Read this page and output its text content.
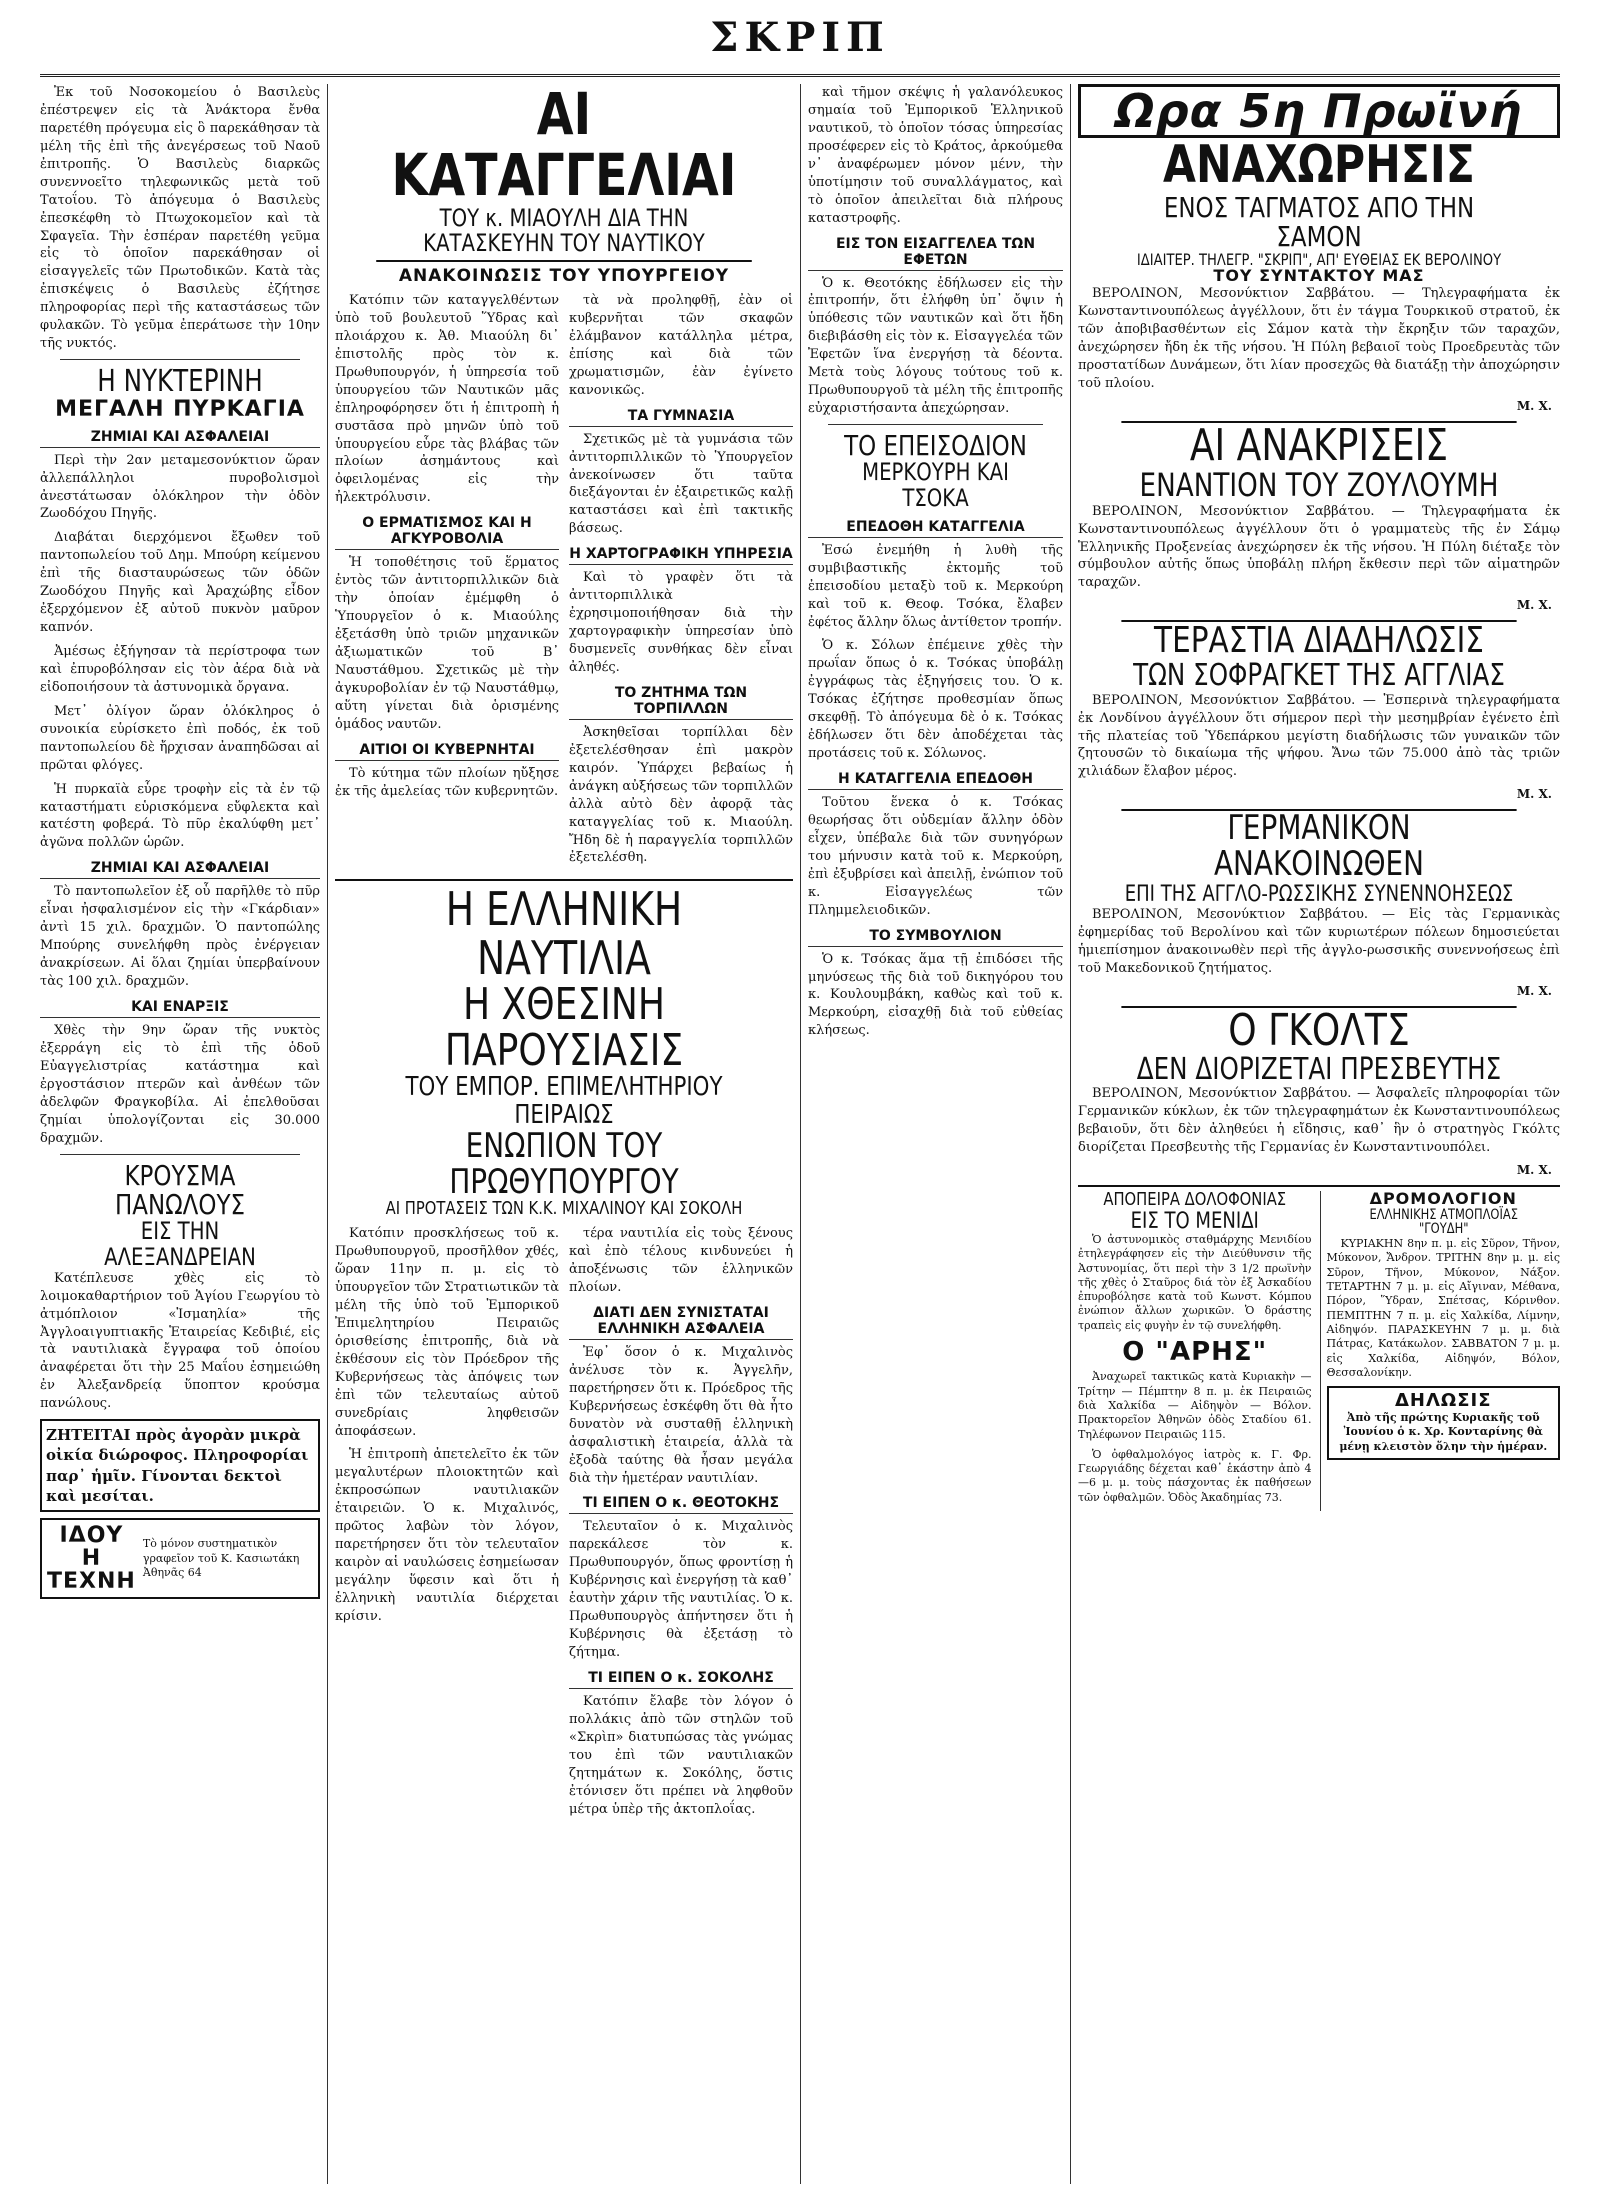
ΣΚΡΙΠ

Ἐκ τοῦ Νοσοκομείου ὁ Βασιλεὺς ἐπέστρεψεν εἰς τὰ Ἀνάκτορα ἔνθα παρετέθη πρόγευμα εἰς ὃ παρεκάθησαν τὰ μέλη τῆς ἐπὶ τῆς ἀνεγέρσεως τοῦ Ναοῦ ἐπιτροπῆς. Ὁ Βασιλεὺς διαρκῶς συνεννοεῖτο τηλεφωνικῶς μετὰ τοῦ Τατοΐου. Τὸ ἀπόγευμα ὁ Βασιλεὺς ἐπεσκέφθη τὸ Πτωχοκομεῖον καὶ τὰ Σφαγεῖα. Τὴν ἑσπέραν παρετέθη γεῦμα εἰς τὸ ὁποῖον παρεκάθησαν οἱ εἰσαγγελεῖς τῶν Πρωτοδικῶν. Κατὰ τὰς ἐπισκέψεις ὁ Βασιλεὺς ἐζήτησε πληροφορίας περὶ τῆς καταστάσεως τῶν φυλακῶν. Τὸ γεῦμα ἐπεράτωσε τὴν 10ην τῆς νυκτός.

Η ΝΥΚΤΕΡΙΝΗ
ΜΕΓΑΛΗ ΠΥΡΚΑΓΙΑ
ΖΗΜΙΑΙ ΚΑΙ ΑΣΦΑΛΕΙΑΙ

Περὶ τὴν 2αν μεταμεσονύκτιον ὥραν ἀλλεπάλληλοι πυροβολισμοὶ ἀνεστάτωσαν ὁλόκληρον τὴν ὁδὸν Ζωοδόχου Πηγῆς.

Διαβάται διερχόμενοι ἔξωθεν τοῦ παντοπωλείου τοῦ Δημ. Μπούρη κείμενου ἐπὶ τῆς διασταυρώσεως τῶν ὁδῶν Ζωοδόχου Πηγῆς καὶ Ἀραχώβης εἶδον ἐξερχόμενον ἐξ αὐτοῦ πυκνὸν μαῦρον καπνόν.

Ἀμέσως ἐξήγησαν τὰ περίστροφα των καὶ ἐπυροβόλησαν εἰς τὸν ἀέρα διὰ νὰ εἰδοποιήσουν τὰ ἀστυνομικὰ ὄργανα.

Μετ᾽ ὀλίγον ὥραν ὁλόκληρος ὁ συνοικία εὑρίσκετο ἐπὶ ποδός, ἐκ τοῦ παντοπωλείου δὲ ἤρχισαν ἀναπηδῶσαι αἱ πρῶται φλόγες.

Ἡ πυρκαϊὰ εὗρε τροφὴν εἰς τὰ ἐν τῷ καταστήματι εὑρισκόμενα εὔφλεκτα καὶ κατέστη φοβερά. Τὸ πῦρ ἐκαλύφθη μετ᾽ ἀγῶνα πολλῶν ὡρῶν.

ΖΗΜΙΑΙ ΚΑΙ ΑΣΦΑΛΕΙΑΙ

Τὸ παντοπωλεῖον ἐξ οὗ παρῆλθε τὸ πῦρ εἶναι ἠσφαλισμένον εἰς τὴν «Γκάρδιαν» ἀντὶ 15 χιλ. δραχμῶν. Ὁ παντοπώλης Μπούρης συνελήφθη πρὸς ἐνέργειαν ἀνακρίσεων. Αἱ ὅλαι ζημίαι ὑπερβαίνουν τὰς 100 χιλ. δραχμῶν.

ΚΑΙ ΕΝΑΡΞΙΣ

Χθὲς τὴν 9ην ὥραν τῆς νυκτὸς ἐξερράγη εἰς τὸ ἐπὶ τῆς ὁδοῦ Εὐαγγελιστρίας κατάστημα καὶ ἐργοστάσιον πτερῶν καὶ ἀνθέων τῶν ἀδελφῶν Φραγκοβίλα. Αἱ ἐπελθοῦσαι ζημίαι ὑπολογίζονται εἰς 30.000 δραχμῶν.

ΚΡΟΥΣΜΑ ΠΑΝΩΛΟΥΣ
ΕΙΣ ΤΗΝ ΑΛΕΞΑΝΔΡΕΙΑΝ

Κατέπλευσε χθὲς εἰς τὸ λοιμοκαθαρτήριον τοῦ Ἁγίου Γεωργίου τὸ ἀτμόπλοιον «Ἰσμαηλία» τῆς Ἀγγλοαιγυπτιακῆς Ἑταιρείας Κεδιβιέ, εἰς τὰ ναυτιλιακὰ ἔγγραφα τοῦ ὁποίου ἀναφέρεται ὅτι τὴν 25 Μαΐου ἐσημειώθη ἐν Ἀλεξανδρείᾳ ὕποπτον κρούσμα πανώλους.

ΖΗΤΕΙΤΑΙ πρὸς ἀγορὰν μικρὰ οἰκία διώροφος. Πληροφορίαι παρ᾽ ἡμῖν. Γίνονται δεκτοὶ καὶ μεσίται.
ΙΔΟΥ Η ΤΕΧΝΗ
Τὸ μόνον συστηματικὸν γραφεῖον τοῦ Κ. Κασιωτάκη Ἀθηνᾶς 64
ΑΙ ΚΑΤΑΓΓΕΛΙΑΙ
ΤΟΥ κ. ΜΙΑΟΥΛΗ ΔΙΑ ΤΗΝ ΚΑΤΑΣΚΕΥΗΝ ΤΟΥ ΝΑΥΤΙΚΟΥ
ΑΝΑΚΟΙΝΩΣΙΣ ΤΟΥ ΥΠΟΥΡΓΕΙΟΥ

Κατόπιν τῶν καταγγελθέντων ὑπὸ τοῦ βουλευτοῦ Ὕδρας καὶ πλοιάρχου κ. Ἀθ. Μιαούλη δι᾽ ἐπιστολῆς πρὸς τὸν κ. Πρωθυπουργόν, ἡ ὑπηρεσία τοῦ ὑπουργείου τῶν Ναυτικῶν μᾶς ἐπληροφόρησεν ὅτι ἡ ἐπιτροπὴ ἡ συστᾶσα πρὸ μηνῶν ὑπὸ τοῦ ὑπουργείου εὗρε τὰς βλάβας τῶν πλοίων ἀσημάντους καὶ ὀφειλομένας εἰς τὴν ἠλεκτρόλυσιν.

Ο ΕΡΜΑΤΙΣΜΟΣ ΚΑΙ Η ΑΓΚΥΡΟΒΟΛΙΑ

Ἡ τοποθέτησις τοῦ ἕρματος ἐντὸς τῶν ἀντιτορπιλλικῶν διὰ τὴν ὁποίαν ἐμέμφθη ὁ Ὑπουργεῖον ὁ κ. Μιαούλης ἐξετάσθη ὑπὸ τριῶν μηχανικῶν ἀξιωματικῶν τοῦ Β᾽ Ναυστάθμου. Σχετικῶς μὲ τὴν ἀγκυροβολίαν ἐν τῷ Ναυστάθμῳ, αὕτη γίνεται διὰ ὁρισμένης ὁμάδος ναυτῶν.

ΑΙΤΙΟΙ ΟΙ ΚΥΒΕΡΝΗΤΑΙ

Τὸ κύτημα τῶν πλοίων ηὔξησε ἐκ τῆς ἀμελείας τῶν κυβερνητῶν.

τὰ νὰ προληφθῇ, ἐὰν οἱ κυβερνῆται τῶν σκαφῶν ἐλάμβανον κατάλληλα μέτρα, ἐπίσης καὶ διὰ τῶν χρωματισμῶν, ἐὰν ἐγίνετο κανονικῶς.

ΤΑ ΓΥΜΝΑΣΙΑ

Σχετικῶς μὲ τὰ γυμνάσια τῶν ἀντιτορπιλλικῶν τὸ Ὑπουργεῖον ἀνεκοίνωσεν ὅτι ταῦτα διεξάγονται ἐν ἐξαιρετικῶς καλῇ καταστάσει καὶ ἐπὶ τακτικῆς βάσεως.

Η ΧΑΡΤΟΓΡΑΦΙΚΗ ΥΠΗΡΕΣΙΑ

Καὶ τὸ γραφὲν ὅτι τὰ ἀντιτορπιλλικὰ ἐχρησιμοποιήθησαν διὰ τὴν χαρτογραφικὴν ὑπηρεσίαν ὑπὸ δυσμενεῖς συνθήκας δὲν εἶναι ἀληθές.

ΤΟ ΖΗΤΗΜΑ ΤΩΝ ΤΟΡΠΙΛΛΩΝ

Ἀσκηθεῖσαι τορπίλλαι δὲν ἐξετελέσθησαν ἐπὶ μακρὸν καιρόν. Ὑπάρχει βεβαίως ἡ ἀνάγκη αὐξήσεως τῶν τορπιλλῶν ἀλλὰ αὐτὸ δὲν ἀφορᾷ τὰς καταγγελίας τοῦ κ. Μιαούλη. Ἤδη δὲ ἡ παραγγελία τορπιλλῶν ἐξετελέσθη.

Η ΕΛΛΗΝΙΚΗ ΝΑΥΤΙΛΙΑ
Η ΧΘΕΣΙΝΗ ΠΑΡΟΥΣΙΑΣΙΣ
ΤΟΥ ΕΜΠΟΡ. ΕΠΙΜΕΛΗΤΗΡΙΟΥ ΠΕΙΡΑΙΩΣ
ΕΝΩΠΙΟΝ ΤΟΥ ΠΡΩΘΥΠΟΥΡΓΟΥ
ΑΙ ΠΡΟΤΑΣΕΙΣ ΤΩΝ Κ.Κ. ΜΙΧΑΛΙΝΟΥ ΚΑΙ ΣΟΚΟΛΗ

Κατόπιν προσκλήσεως τοῦ κ. Πρωθυπουργοῦ, προσῆλθον χθές, ὥραν 11ην π. μ. εἰς τὸ ὑπουργεῖον τῶν Στρατιωτικῶν τὰ μέλη τῆς ὑπὸ τοῦ Ἐμπορικοῦ Ἐπιμελητηρίου Πειραιῶς ὁρισθείσης ἐπιτροπῆς, διὰ νὰ ἐκθέσουν εἰς τὸν Πρόεδρον τῆς Κυβερνήσεως τὰς ἀπόψεις των ἐπὶ τῶν τελευταίως αὐτοῦ συνεδρίαις ληφθεισῶν ἀποφάσεων.

Ἡ ἐπιτροπὴ ἀπετελεῖτο ἐκ τῶν μεγαλυτέρων πλοιοκτητῶν καὶ ἐκπροσώπων ναυτιλιακῶν ἑταιρειῶν. Ὁ κ. Μιχαλινός, πρῶτος λαβὼν τὸν λόγον, παρετήρησεν ὅτι τὸν τελευταῖον καιρὸν αἱ ναυλώσεις ἐσημείωσαν μεγάλην ὕφεσιν καὶ ὅτι ἡ ἑλληνικὴ ναυτιλία διέρχεται κρίσιν.

τέρα ναυτιλία εἰς τοὺς ξένους καὶ ἐπὸ τέλους κινδυνεύει ἡ ἀποξένωσις τῶν ἑλληνικῶν πλοίων.

ΔΙΑΤΙ ΔΕΝ ΣΥΝΙΣΤΑΤΑΙ ΕΛΛΗΝΙΚΗ ΑΣΦΑΛΕΙΑ

Ἐφ᾽ ὅσον ὁ κ. Μιχαλινὸς ἀνέλυσε τὸν κ. Ἀγγελῆν, παρετήρησεν ὅτι κ. Πρόεδρος τῆς Κυβερνήσεως ἐσκέφθη ὅτι θὰ ἦτο δυνατὸν νὰ συσταθῇ ἑλληνικὴ ἀσφαλιστικὴ ἑταιρεία, ἀλλὰ τὰ ἐξοδὰ ταύτης θὰ ἦσαν μεγάλα διὰ τὴν ἡμετέραν ναυτιλίαν.

ΤΙ ΕΙΠΕΝ Ο κ. ΘΕΟΤΟΚΗΣ

Τελευταῖον ὁ κ. Μιχαλινὸς παρεκάλεσε τὸν κ. Πρωθυπουργόν, ὅπως φροντίσῃ ἡ Κυβέρνησις καὶ ἐνεργήσῃ τὰ καθ᾽ ἑαυτὴν χάριν τῆς ναυτιλίας. Ὁ κ. Πρωθυπουργὸς ἀπήντησεν ὅτι ἡ Κυβέρνησις θὰ ἐξετάσῃ τὸ ζήτημα.

ΤΙ ΕΙΠΕΝ Ο κ. ΣΟΚΟΛΗΣ

Κατόπιν ἔλαβε τὸν λόγον ὁ πολλάκις ἀπὸ τῶν στηλῶν τοῦ «Σκρὶπ» διατυπώσας τὰς γνώμας του ἐπὶ τῶν ναυτιλιακῶν ζητημάτων κ. Σοκόλης, ὅστις ἐτόνισεν ὅτι πρέπει νὰ ληφθοῦν μέτρα ὑπὲρ τῆς ἀκτοπλοΐας.

καὶ τῆμον σκέψις ἡ γαλανόλευκος σημαία τοῦ Ἐμπορικοῦ Ἑλληνικοῦ ναυτικοῦ, τὸ ὁποῖον τόσας ὑπηρεσίας προσέφερεν εἰς τὸ Κράτος, ἀρκούμεθα ν᾽ ἀναφέρωμεν μόνον μένν, τὴν ὑποτίμησιν τοῦ συναλλάγματος, καὶ τὸ ὁποῖον ἀπειλεῖται διὰ πλήρους καταστροφῆς.

ΕΙΣ ΤΟΝ ΕΙΣΑΓΓΕΛΕΑ ΤΩΝ ΕΦΕΤΩΝ

Ὁ κ. Θεοτόκης ἐδήλωσεν εἰς τὴν ἐπιτροπήν, ὅτι ἐλήφθη ὑπ᾽ ὄψιν ἡ ὑπόθεσις τῶν ναυτικῶν καὶ ὅτι ἤδη διεβιβάσθη εἰς τὸν κ. Εἰσαγγελέα τῶν Ἐφετῶν ἵνα ἐνεργήσῃ τὰ δέοντα. Μετὰ τοὺς λόγους τούτους τοῦ κ. Πρωθυπουργοῦ τὰ μέλη τῆς ἐπιτροπῆς εὐχαριστήσαντα ἀπεχώρησαν.

ΤΟ ΕΠΕΙΣΟΔΙΟΝ
ΜΕΡΚΟΥΡΗ ΚΑΙ ΤΣΟΚΑ
ΕΠΕΔΟΘΗ ΚΑΤΑΓΓΕΛΙΑ

Ἐσώ ἐνεμήθη ἡ λυθὴ τῆς συμβιβαστικῆς ἐκτομῆς τοῦ ἐπεισοδίου μεταξὺ τοῦ κ. Μερκούρη καὶ τοῦ κ. Θεοφ. Τσόκα, ἔλαβεν ἐφέτος ἄλλην ὅλως ἀντίθετον τροπήν.

Ὁ κ. Σόλων ἐπέμεινε χθὲς τὴν πρωΐαν ὅπως ὁ κ. Τσόκας ὑποβάλῃ ἐγγράφως τὰς ἐξηγήσεις του. Ὁ κ. Τσόκας ἐζήτησε προθεσμίαν ὅπως σκεφθῇ. Τὸ ἀπόγευμα δὲ ὁ κ. Τσόκας ἐδήλωσεν ὅτι δὲν ἀποδέχεται τὰς προτάσεις τοῦ κ. Σόλωνος.

Η ΚΑΤΑΓΓΕΛΙΑ ΕΠΕΔΟΘΗ

Τοῦτου ἕνεκα ὁ κ. Τσόκας θεωρήσας ὅτι οὐδεμίαν ἄλλην ὁδὸν εἶχεν, ὑπέβαλε διὰ τῶν συνηγόρων του μήνυσιν κατὰ τοῦ κ. Μερκούρη, ἐπὶ ἐξυβρίσει καὶ ἀπειλῇ, ἐνώπιον τοῦ κ. Εἰσαγγελέως τῶν Πλημμελειοδικῶν.

ΤΟ ΣΥΜΒΟΥΛΙΟΝ

Ὁ κ. Τσόκας ἅμα τῇ ἐπιδόσει τῆς μηνύσεως τῆς διὰ τοῦ δικηγόρου του κ. Κουλουμβάκη, καθὼς καὶ τοῦ κ. Μερκούρη, εἰσαχθῇ διὰ τοῦ εὐθείας κλήσεως.

Ωρα 5η Πρωϊνή
ΑΝΑΧΩΡΗΣΙΣ
ΕΝΟΣ ΤΑΓΜΑΤΟΣ ΑΠΟ ΤΗΝ ΣΑΜΟΝ
ΙΔΙΑΙΤΕΡ. ΤΗΛΕΓΡ. "ΣΚΡΙΠ", ΑΠ' ΕΥΘΕΙΑΣ ΕΚ ΒΕΡΟΛΙΝΟΥ
ΤΟΥ ΣΥΝΤΑΚΤΟΥ ΜΑΣ

ΒΕΡΟΛΙΝΟΝ, Μεσονύκτιον Σαββάτου. — Τηλεγραφήματα ἐκ Κωνσταντινουπόλεως ἀγγέλλουν, ὅτι ἐν τάγμα Τουρκικοῦ στρατοῦ, ἐκ τῶν ἀποβιβασθέντων εἰς Σάμον κατὰ τὴν ἔκρηξιν τῶν ταραχῶν, ἀνεχώρησεν ἤδη ἐκ τῆς νήσου. Ἡ Πύλη βεβαιοῖ τοὺς Προεδρευτὰς τῶν προστατίδων Δυνάμεων, ὅτι λίαν προσεχῶς θὰ διατάξῃ τὴν ἀποχώρησιν τοῦ πλοίου.

Μ. Χ.
ΑΙ ΑΝΑΚΡΙΣΕΙΣ
ΕΝΑΝΤΙΟΝ ΤΟΥ ΖΟΥΛΟΥΜΗ

ΒΕΡΟΛΙΝΟΝ, Μεσονύκτιον Σαββάτου. — Τηλεγραφήματα ἐκ Κωνσταντινουπόλεως ἀγγέλλουν ὅτι ὁ γραμματεὺς τῆς ἐν Σάμῳ Ἑλληνικῆς Προξενείας ἀνεχώρησεν ἐκ τῆς νήσου. Ἡ Πύλη διέταξε τὸν σύμβουλον αὐτῆς ὅπως ὑποβάλῃ πλήρη ἔκθεσιν περὶ τῶν αἱματηρῶν ταραχῶν.

Μ. Χ.
ΤΕΡΑΣΤΙΑ ΔΙΑΔΗΛΩΣΙΣ
ΤΩΝ ΣΟΦΡΑΓΚΕΤ ΤΗΣ ΑΓΓΛΙΑΣ

ΒΕΡΟΛΙΝΟΝ, Μεσονύκτιον Σαββάτου. — Ἐσπερινὰ τηλεγραφήματα ἐκ Λονδίνου ἀγγέλλουν ὅτι σήμερον περὶ τὴν μεσημβρίαν ἐγένετο ἐπὶ τῆς πλατείας τοῦ Ὑδεπάρκου μεγίστη διαδήλωσις τῶν γυναικῶν τῶν ζητουσῶν τὸ δικαίωμα τῆς ψήφου. Ἄνω τῶν 75.000 ἀπὸ τὰς τριῶν χιλιάδων ἔλαβον μέρος.

Μ. Χ.
ΓΕΡΜΑΝΙΚΟΝ ΑΝΑΚΟΙΝΩΘΕΝ
ΕΠΙ ΤΗΣ ΑΓΓΛΟ-ΡΩΣΣΙΚΗΣ ΣΥΝΕΝΝΟΗΣΕΩΣ

ΒΕΡΟΛΙΝΟΝ, Μεσονύκτιον Σαββάτου. — Εἰς τὰς Γερμανικὰς ἐφημερίδας τοῦ Βερολίνου καὶ τῶν κυριωτέρων πόλεων δημοσιεύεται ἡμιεπίσημον ἀνακοινωθὲν περὶ τῆς ἀγγλο-ρωσσικῆς συνεννοήσεως ἐπὶ τοῦ Μακεδονικοῦ ζητήματος.

Μ. Χ.
Ο ΓΚΟΛΤΣ
ΔΕΝ ΔΙΟΡΙΖΕΤΑΙ ΠΡΕΣΒΕΥΤΗΣ

ΒΕΡΟΛΙΝΟΝ, Μεσονύκτιον Σαββάτου. — Ἀσφαλεῖς πληροφορίαι τῶν Γερμανικῶν κύκλων, ἐκ τῶν τηλεγραφημάτων ἐκ Κωνσταντινουπόλεως βεβαιοῦν, ὅτι δὲν ἀληθεύει ἡ εἴδησις, καθ᾽ ἣν ὁ στρατηγὸς Γκόλτς διορίζεται Πρεσβευτὴς τῆς Γερμανίας ἐν Κωνσταντινουπόλει.

Μ. Χ.
ΑΠΟΠΕΙΡΑ ΔΟΛΟΦΟΝΙΑΣ
ΕΙΣ ΤΟ ΜΕΝΙΔΙ

Ὁ ἀστυνομικὸς σταθμάρχης Μενιδίου ἐτηλεγράφησεν εἰς τὴν Διεύθυνσιν τῆς Ἀστυνομίας, ὅτι περὶ τὴν 3 1/2 πρωϊνὴν τῆς χθὲς ὁ Σταῦρος διά τὸν ἐξ Ἀσκαδίου ἐπυροβόλησε κατὰ τοῦ Κωνστ. Κόμπου ἐνώπιον ἄλλων χωρικῶν. Ὁ δράστης τραπεὶς εἰς φυγὴν ἐν τῷ συνελήφθη.

Ο "ΑΡΗΣ"

Ἀναχωρεῖ τακτικῶς κατὰ Κυριακὴν — Τρίτην — Πέμπτην 8 π. μ. ἐκ Πειραιῶς διὰ Χαλκίδα — Αἰδηψὸν — Βόλον. Πρακτορεῖον Ἀθηνῶν ὁδὸς Σταδίου 61. Τηλέφωνον Πειραιῶς 115.

Ὁ ὀφθαλμολόγος ἰατρὸς κ. Γ. Φρ. Γεωργιάδης δέχεται καθ᾽ ἑκάστην ἀπὸ 4—6 μ. μ. τοὺς πάσχοντας ἐκ παθήσεων τῶν ὀφθαλμῶν. Ὁδὸς Ἀκαδημίας 73.

ΔΡΟΜΟΛΟΓΙΟΝ
ΕΛΛΗΝΙΚΗΣ ΑΤΜΟΠΛΟΪΑΣ "ΓΟΥΔΗ"

ΚΥΡΙΑΚΗΝ 8ην π. μ. εἰς Σῦρον, Τῆνον, Μύκονον, Ἄνδρον. ΤΡΙΤΗΝ 8ην μ. μ. εἰς Σῦρον, Τῆνον, Μύκονον, Νάξον. ΤΕΤΑΡΤΗΝ 7 μ. μ. εἰς Αἴγιναν, Μέθανα, Πόρον, Ὕδραν, Σπέτσας, Κόρινθον. ΠΕΜΠΤΗΝ 7 π. μ. εἰς Χαλκίδα, Λίμνην, Αἰδηψόν. ΠΑΡΑΣΚΕΥΗΝ 7 μ. μ. διὰ Πάτρας, Κατάκωλον. ΣΑΒΒΑΤΟΝ 7 μ. μ. εἰς Χαλκίδα, Αἰδηψόν, Βόλον, Θεσσαλονίκην.

ΔΗΛΩΣΙΣ
Ἀπὸ τῆς πρώτης Κυριακῆς τοῦ Ἰουνίου ὁ κ. Χρ. Κονταρίνης θὰ μένῃ κλειστὸν ὅλην τὴν ἡμέραν.
